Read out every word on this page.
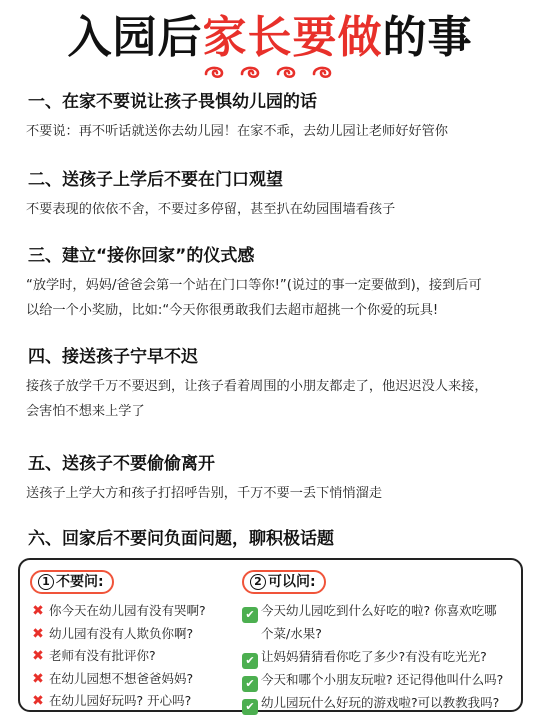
入园后家长要做的事
一、在家不要说让孩子畏惧幼儿园的话
不要说：再不听话就送你去幼儿园！在家不乖，去幼儿园让老师好好管你
二、送孩子上学后不要在门口观望
不要表现的依依不舍，不要过多停留，甚至扒在幼园围墙看孩子
三、建立“接你回家”的仪式感
“放学时，妈妈/爸爸会第一个站在门口等你!”(说过的事一定要做到)，接到后可
以给一个小奖励，比如:“今天你很勇敢我们去超市超挑一个你爱的玩具!
四、接送孩子宁早不迟
接孩子放学千万不要迟到，让孩子看着周围的小朋友都走了，他迟迟没人来接，
会害怕不想来上学了
五、送孩子不要偷偷离开
送孩子上学大方和孩子打招呼告别，千万不要一丢下悄悄溜走
六、回家后不要问负面问题，聊积极话题
1 不要问:
✖ 你今天在幼儿园有没有哭啊?
✖ 幼儿园有没有人欺负你啊?
✖ 老师有没有批评你?
✖ 在幼儿园想不想爸爸妈妈?
✖ 在幼儿园好玩吗? 开心吗?
2 可以问:
✔ 今天幼儿园吃到什么好吃的啦? 你喜欢吃哪
个菜/水果?
✔ 让妈妈猜猜看你吃了多少?有没有吃光光?
✔ 今天和哪个小朋友玩啦? 还记得他叫什么吗?
✔ 幼儿园玩什么好玩的游戏啦?可以教教我吗?
